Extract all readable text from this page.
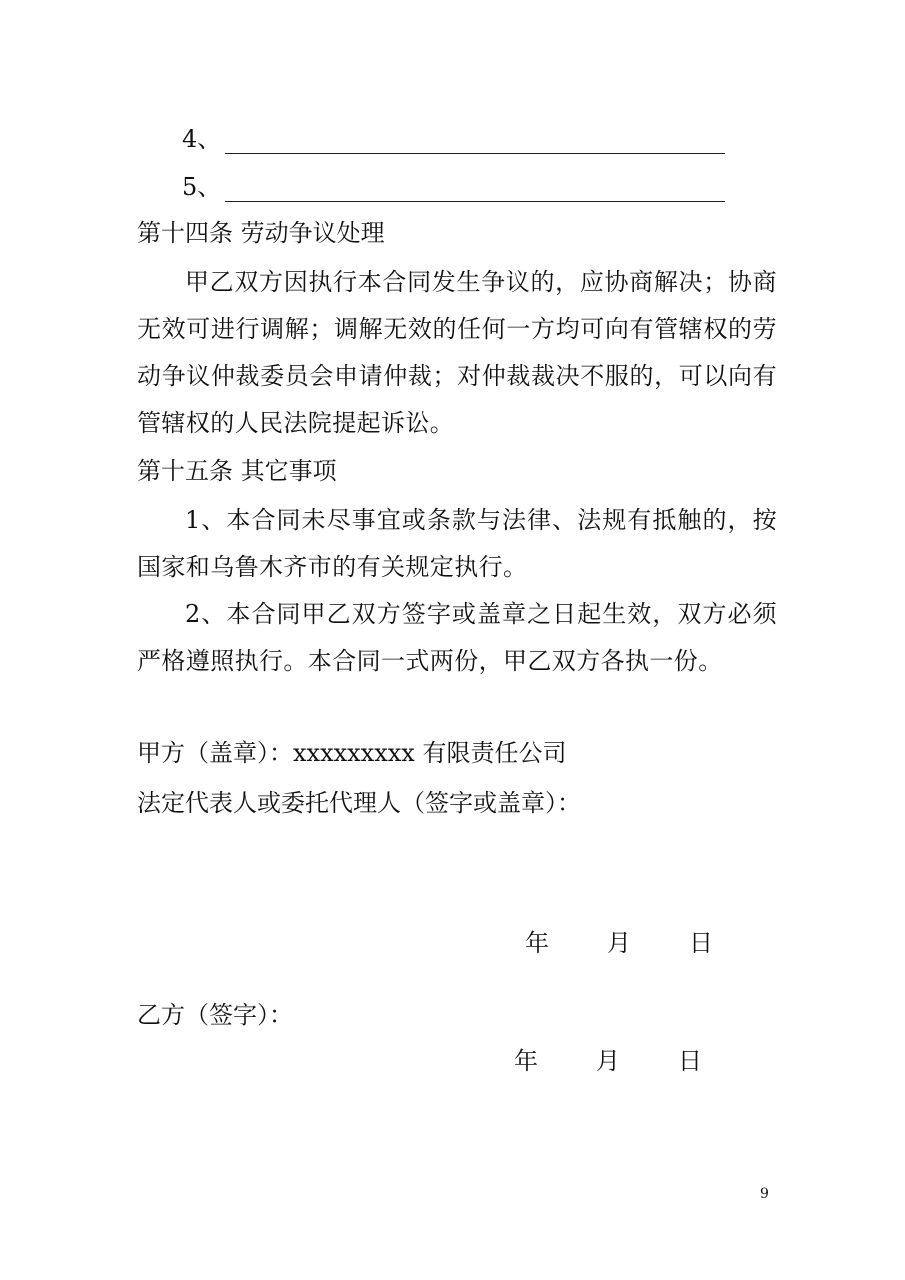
4、
5、
第十四条 劳动争议处理
甲乙双方因执行本合同发生争议的，应协商解决；协商无效可进行调解；调解无效的任何一方均可向有管辖权的劳动争议仲裁委员会申请仲裁；对仲裁裁决不服的，可以向有管辖权的人民法院提起诉讼。
第十五条 其它事项
1、本合同未尽事宜或条款与法律、法规有抵触的，按国家和乌鲁木齐市的有关规定执行。
2、本合同甲乙双方签字或盖章之日起生效，双方必须严格遵照执行。本合同一式两份，甲乙双方各执一份。
甲方（盖章）：xxxxxxxxx 有限责任公司
法定代表人或委托代理人（签字或盖章）：
年 月 日
乙方（签字）：
年 月 日
9
